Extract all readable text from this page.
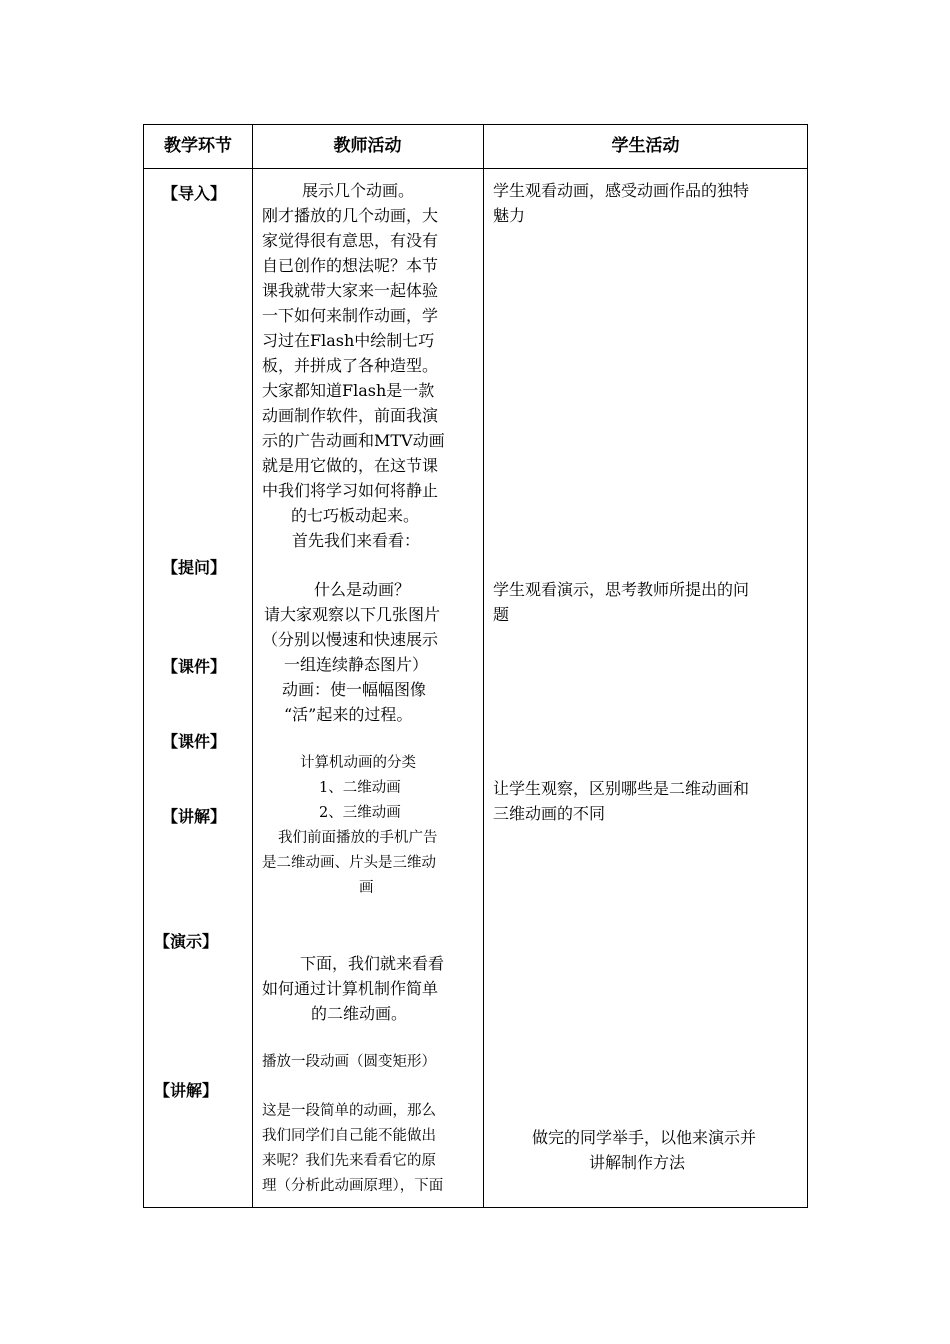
教学环节	教师活动	学生活动
【导入】
【提问】
【课件】
【课件】
【讲解】
【演示】
【讲解】
展示几个动画。
刚才播放的几个动画，大
家觉得很有意思，有没有
自已创作的想法呢？本节
课我就带大家来一起体验
一下如何来制作动画，学
习过在Flash中绘制七巧
板，并拼成了各种造型。
大家都知道Flash是一款
动画制作软件，前面我演
示的广告动画和MTV动画
就是用它做的，在这节课
中我们将学习如何将静止
的七巧板动起来。
首先我们来看看：
什么是动画？
请大家观察以下几张图片
（分别以慢速和快速展示
一组连续静态图片）
动画：使一幅幅图像
“活”起来的过程。
计算机动画的分类
1、二维动画
2、三维动画
我们前面播放的手机广告
是二维动画、片头是三维动
画
下面，我们就来看看
如何通过计算机制作简单
的二维动画。
播放一段动画（圆变矩形）
这是一段简单的动画，那么
我们同学们自己能不能做出
来呢？我们先来看看它的原
理（分析此动画原理），下面
学生观看动画，感受动画作品的独特
魅力
学生观看演示，思考教师所提出的问
题
让学生观察，区别哪些是二维动画和
三维动画的不同
做完的同学举手，以他来演示并
讲解制作方法
